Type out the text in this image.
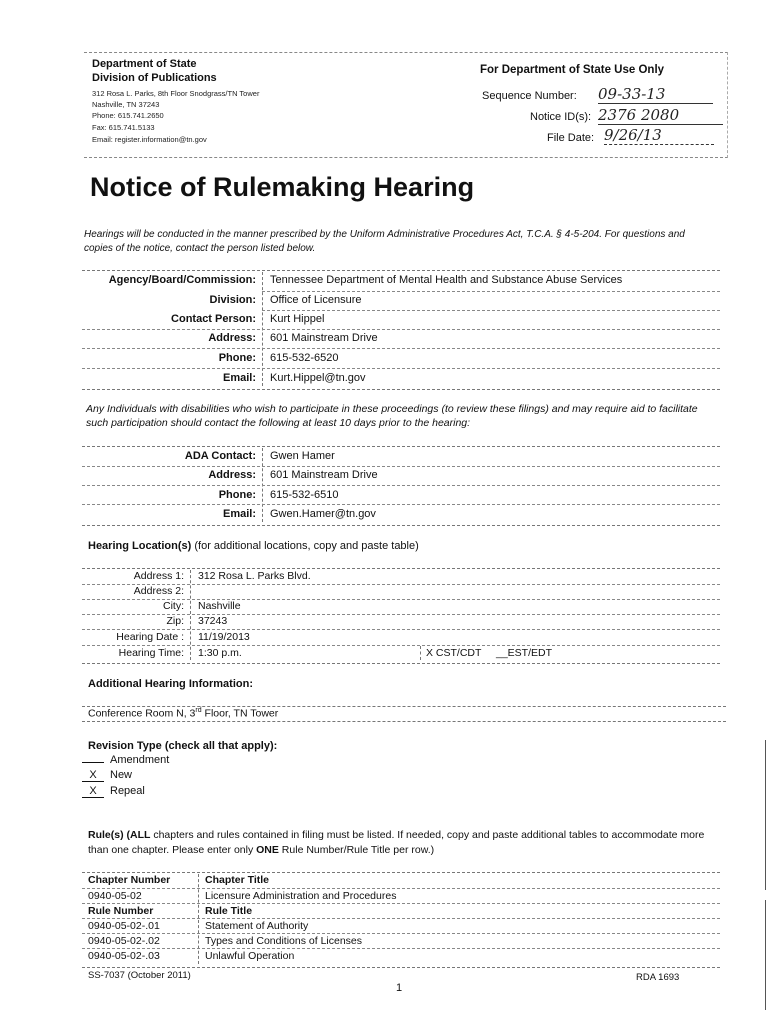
Department of State
Division of Publications
312 Rosa L. Parks, 8th Floor Snodgrass/TN Tower
Nashville, TN 37243
Phone: 615.741.2650
Fax: 615.741.5133
Email: register.information@tn.gov
For Department of State Use Only
Sequence Number: 09-33-13
Notice ID(s): 2376 2080
File Date: 9/26/13
Notice of Rulemaking Hearing
Hearings will be conducted in the manner prescribed by the Uniform Administrative Procedures Act, T.C.A. § 4-5-204. For questions and copies of the notice, contact the person listed below.
Agency/Board/Commission: Tennessee Department of Mental Health and Substance Abuse Services
Division: Office of Licensure
Contact Person: Kurt Hippel
Address: 601 Mainstream Drive
Phone: 615-532-6520
Email: Kurt.Hippel@tn.gov
Any Individuals with disabilities who wish to participate in these proceedings (to review these filings) and may require aid to facilitate such participation should contact the following at least 10 days prior to the hearing:
ADA Contact: Gwen Hamer
Address: 601 Mainstream Drive
Phone: 615-532-6510
Email: Gwen.Hamer@tn.gov
Hearing Location(s) (for additional locations, copy and paste table)
Address 1: 312 Rosa L. Parks Blvd.
Address 2:
City: Nashville
Zip: 37243
Hearing Date : 11/19/2013
Hearing Time: 1:30 p.m.	X CST/CDT __EST/EDT
Additional Hearing Information:
Conference Room N, 3rd Floor, TN Tower
Revision Type (check all that apply):
Amendment
X New
X Repeal
Rule(s) (ALL chapters and rules contained in filing must be listed. If needed, copy and paste additional tables to accommodate more than one chapter. Please enter only ONE Rule Number/Rule Title per row.)
Chapter Number	Chapter Title
0940-05-02	Licensure Administration and Procedures
Rule Number	Rule Title
0940-05-02-.01	Statement of Authority
0940-05-02-.02	Types and Conditions of Licenses
0940-05-02-.03	Unlawful Operation
SS-7037 (October 2011)
1
RDA 1693
